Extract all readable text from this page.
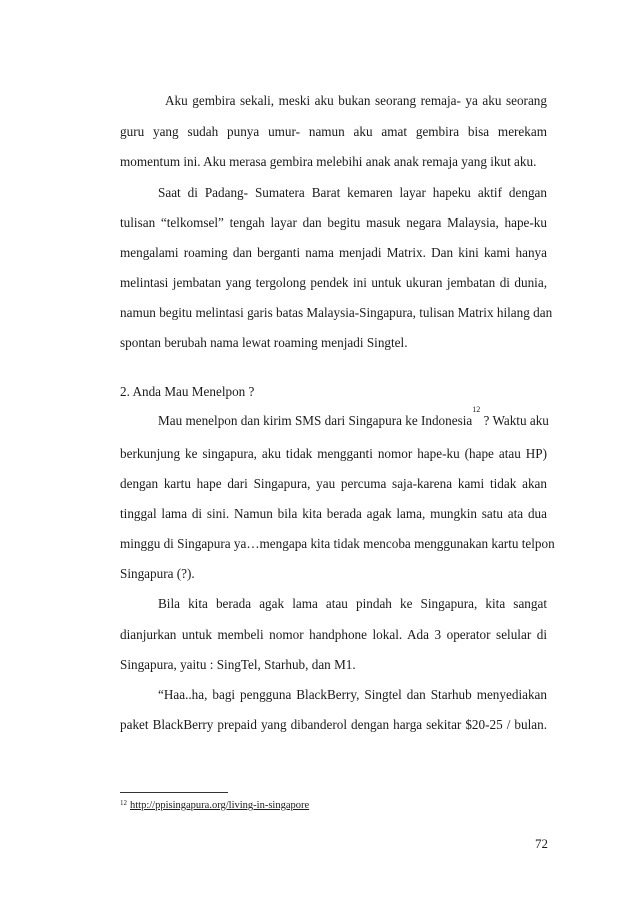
Aku gembira sekali, meski aku bukan seorang remaja- ya aku seorang
guru yang sudah punya umur- namun aku amat gembira bisa merekam
momentum ini. Aku merasa gembira melebihi anak anak remaja yang ikut aku.
Saat di Padang- Sumatera Barat kemaren layar hapeku aktif dengan
tulisan “telkomsel” tengah layar dan begitu masuk negara Malaysia, hape-ku
mengalami roaming dan berganti nama menjadi Matrix. Dan kini kami hanya
melintasi jembatan yang tergolong pendek ini untuk ukuran jembatan di dunia,
namun begitu melintasi garis batas Malaysia-Singapura, tulisan Matrix hilang dan
spontan berubah nama lewat roaming menjadi Singtel.
2. Anda Mau Menelpon ?
Mau menelpon dan kirim SMS dari Singapura ke Indonesia$^{12}$ ? Waktu aku
berkunjung ke singapura, aku tidak mengganti nomor hape-ku (hape atau HP)
dengan kartu hape dari Singapura, yau percuma saja-karena kami tidak akan
tinggal lama di sini. Namun bila kita berada agak lama, mungkin satu ata dua
minggu di Singapura ya…mengapa kita tidak mencoba menggunakan kartu telpon
Singapura (?).
Bila kita berada agak lama atau pindah ke Singapura, kita sangat
dianjurkan untuk membeli nomor handphone lokal. Ada 3 operator selular di
Singapura, yaitu : SingTel, Starhub, dan M1.
“Haa..ha, bagi pengguna BlackBerry, Singtel dan Starhub menyediakan
paket BlackBerry prepaid yang dibanderol dengan harga sekitar $20-25 / bulan.
$^{12}$ http://ppisingapura.org/living-in-singapore
72
